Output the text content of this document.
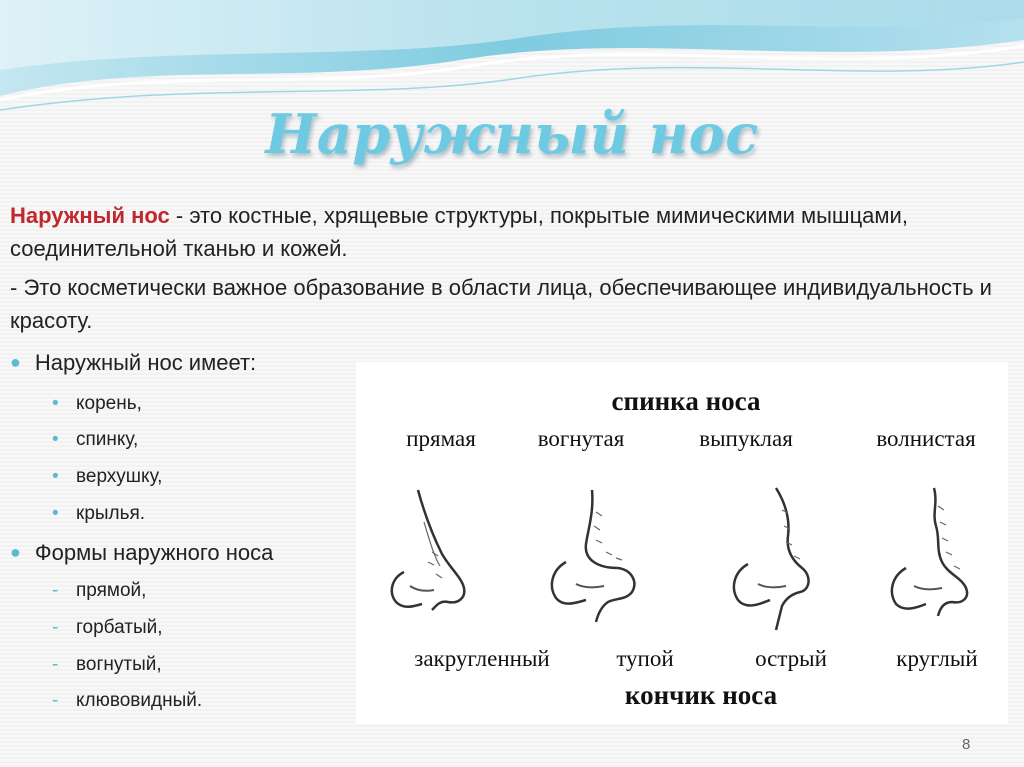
Наружный нос
Наружный нос - это костные, хрящевые структуры, покрытые мимическими мышцами, соединительной тканью и кожей.
- Это косметически важное образование в области лица, обеспечивающее индивидуальность и красоту.
● Наружный нос имеет:
• корень,
• спинку,
• верхушку,
• крылья.
● Формы наружного носа
- прямой,
- горбатый,
- вогнутый,
- клювовидный.
спинка носа
прямая	вогнутая	выпуклая	волнистая
закругленный	тупой	острый	круглый
кончик носа
8
